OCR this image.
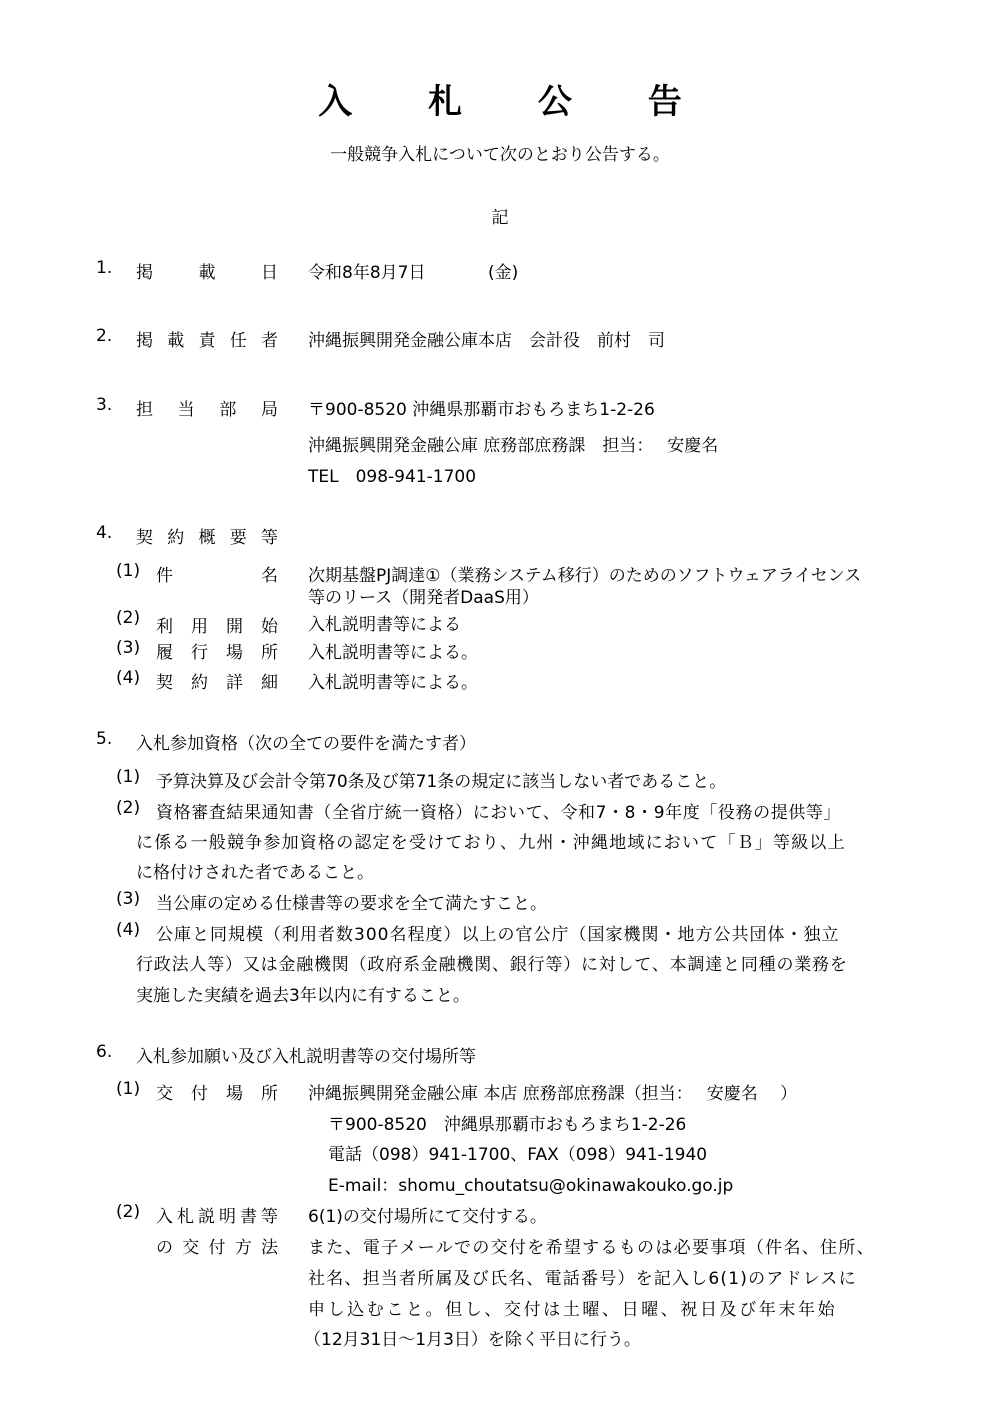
入 札 公 告
一般競争入札について次のとおり公告する。
記
1. 掲	載	日 令和8年8月7日	(金)
2. 掲 載 責 任 者 沖縄振興開発金融公庫本店　会計役　前村　司
3. 担 当 部 局 〒900-8520 沖縄県那覇市おもろまち1-2-26
沖縄振興開発金融公庫 庶務部庶務課　担当：　 安慶名
TEL　098-941-1700
4. 契 約 概 要 等
(1) 件	名 次期基盤PJ調達①（業務システム移行）のためのソフトウェアライセンス
等のリース（開発者DaaS用）
(2) 利 用 開 始 入札説明書等による
(3) 履 行 場 所 入札説明書等による。
(4) 契 約 詳 細 入札説明書等による。
5. 入札参加資格（次の全ての要件を満たす者）
(1) 予算決算及び会計令第70条及び第71条の規定に該当しない者であること。
(2) 資格審査結果通知書（全省庁統一資格）において、令和7・8・9年度「役務の提供等」
に係る一般競争参加資格の認定を受けており、九州・沖縄地域において「Ｂ」等級以上
に格付けされた者であること。
(3) 当公庫の定める仕様書等の要求を全て満たすこと。
(4) 公庫と同規模（利用者数300名程度）以上の官公庁（国家機関・地方公共団体・独立
行政法人等）又は金融機関（政府系金融機関、銀行等）に対して、本調達と同種の業務を
実施した実績を過去3年以内に有すること。
6. 入札参加願い及び入札説明書等の交付場所等
(1) 交 付 場 所 沖縄振興開発金融公庫 本店 庶務部庶務課（担当：　 安慶名　 ）
〒900-8520　沖縄県那覇市おもろまち1-2-26
電話（098）941-1700、FAX（098）941-1940
E-mail：shomu_choutatsu@okinawakouko.go.jp
(2) 入 札 説 明 書 等
の 交 付 方 法
6(1)の交付場所にて交付する。
また、電子メールでの交付を希望するものは必要事項（件名、住所、
社名、担当者所属及び氏名、電話番号）を記入し6(1)のアドレスに
申し込むこと。但し、交付は土曜、日曜、祝日及び年末年始
（12月31日～1月3日）を除く平日に行う。
